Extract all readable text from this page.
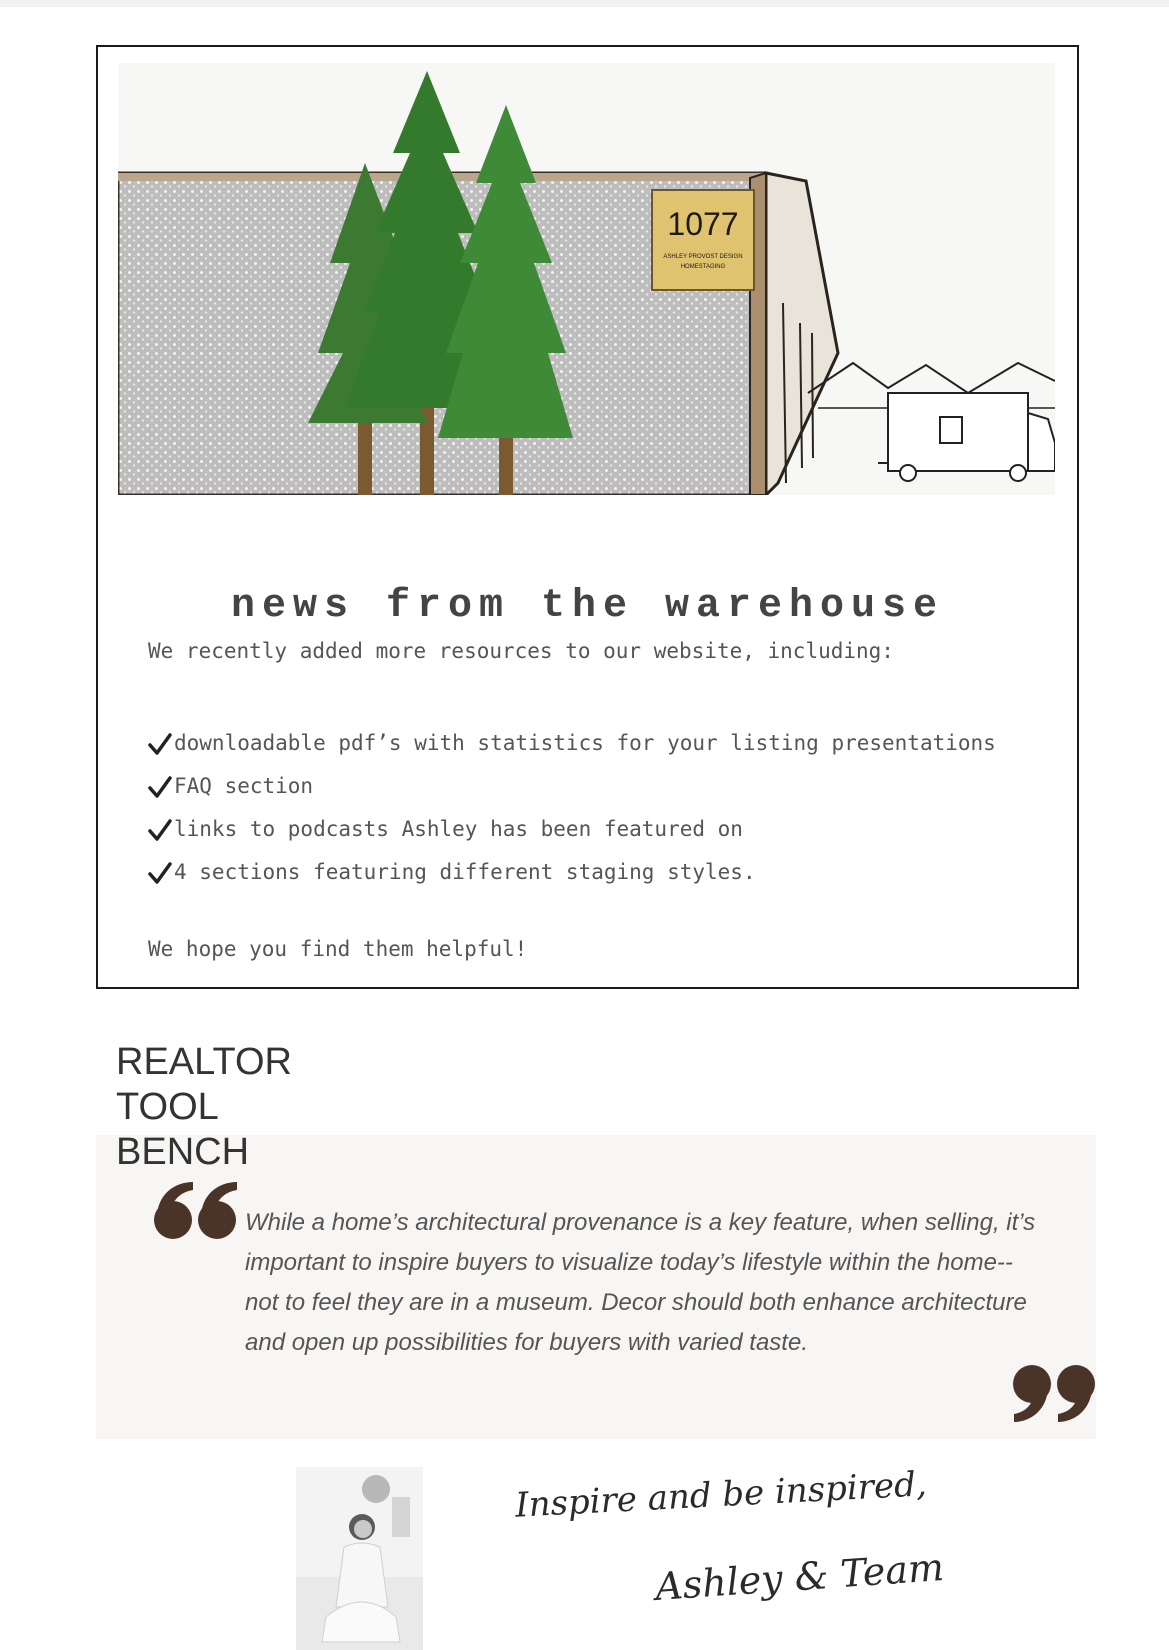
1077
ASHLEY PROVOST DESIGN
HOMESTAGING
news from the warehouse
We recently added more resources to our website, including:
downloadable pdf’s with statistics for your listing presentations
FAQ section
links to podcasts Ashley has been featured on
4 sections featuring different staging styles.
We hope you find them helpful!
REALTOR
TOOL
BENCH

While a home’s architectural provenance is a key feature, when selling, it’s important to inspire buyers to visualize today’s lifestyle within the home--not to feel they are in a museum. Decor should both enhance architecture and open up possibilities for buyers with varied taste.

Inspire and be inspired,
Ashley & Team
